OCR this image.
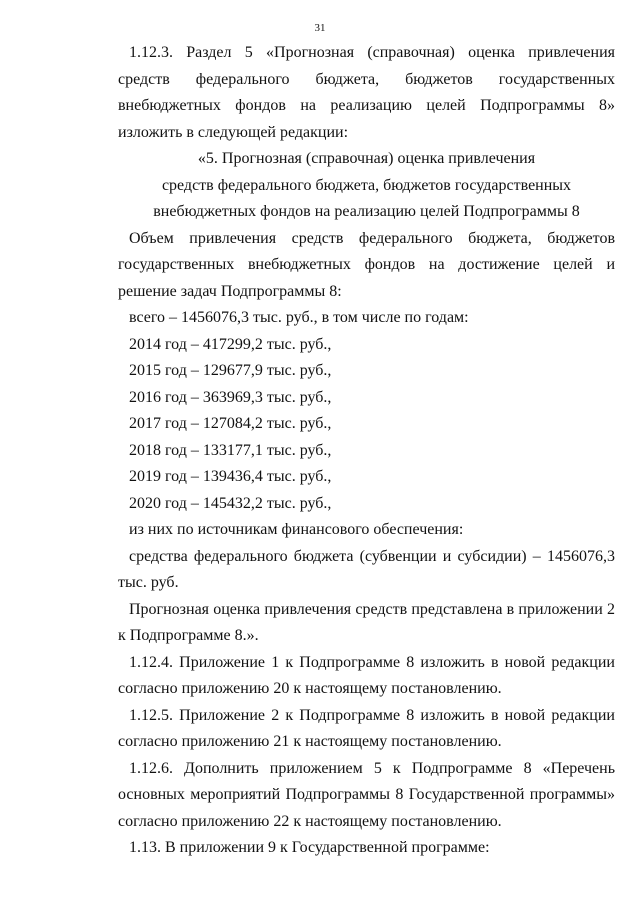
31

1.12.3. Раздел 5 «Прогнозная (справочная) оценка привлечения средств федерального бюджета, бюджетов государственных внебюджетных фондов на реализацию целей Подпрограммы 8» изложить в следующей редакции:

«5. Прогнозная (справочная) оценка привлечения

средств федерального бюджета, бюджетов государственных

внебюджетных фондов на реализацию целей Подпрограммы 8

Объем привлечения средств федерального бюджета, бюджетов государственных внебюджетных фондов на достижение целей и решение задач Подпрограммы 8:

всего – 1456076,3 тыс. руб., в том числе по годам:

2014 год – 417299,2 тыс. руб.,

2015 год – 129677,9 тыс. руб.,

2016 год – 363969,3 тыс. руб.,

2017 год – 127084,2 тыс. руб.,

2018 год – 133177,1 тыс. руб.,

2019 год – 139436,4 тыс. руб.,

2020 год – 145432,2 тыс. руб.,

из них по источникам финансового обеспечения:

средства федерального бюджета (субвенции и субсидии) – 1456076,3 тыс. руб.

Прогнозная оценка привлечения средств представлена в приложении 2 к Подпрограмме 8.».

1.12.4. Приложение 1 к Подпрограмме 8 изложить в новой редакции согласно приложению 20 к настоящему постановлению.

1.12.5. Приложение 2 к Подпрограмме 8 изложить в новой редакции согласно приложению 21 к настоящему постановлению.

1.12.6. Дополнить приложением 5 к Подпрограмме 8 «Перечень основных мероприятий Подпрограммы 8 Государственной программы» согласно приложению 22 к настоящему постановлению.

1.13. В приложении 9 к Государственной программе:
